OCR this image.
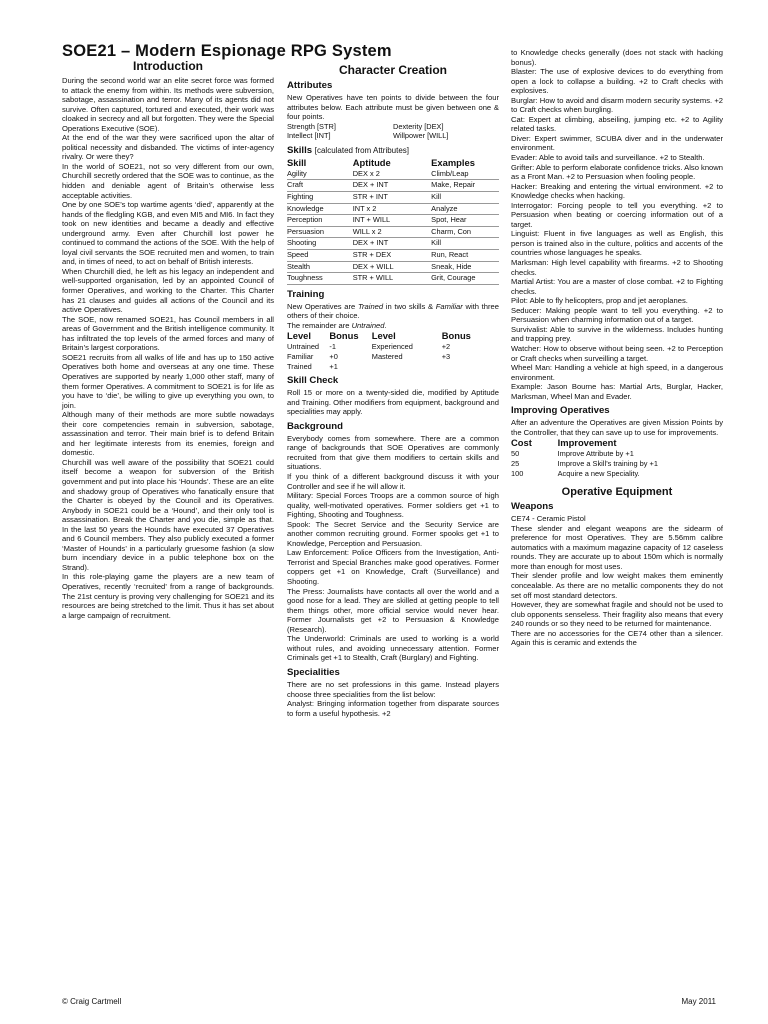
SOE21 – Modern Espionage RPG System
Introduction

During the second world war an elite secret force was formed to attack the enemy from within. Its methods were subversion, sabotage, assassination and terror. Many of its agents did not survive. Often captured, tortured and executed, their work was cloaked in secrecy and all but forgotten. They were the Special Operations Executive (SOE).

At the end of the war they were sacrificed upon the altar of political necessity and disbanded. The victims of inter-agency rivalry. Or were they?

In the world of SOE21, not so very different from our own, Churchill secretly ordered that the SOE was to continue, as the hidden and deniable agent of Britain’s otherwise less acceptable activities.

One by one SOE’s top wartime agents ‘died’, apparently at the hands of the fledgling KGB, and even MI5 and MI6. In fact they took on new identities and became a deadly and effective underground army. Even after Churchill lost power he continued to command the actions of the SOE. With the help of loyal civil servants the SOE recruited men and women, to train and, in times of need, to act on behalf of British interests.

When Churchill died, he left as his legacy an independent and well-supported organisation, led by an appointed Council of former Operatives, and working to the Charter. This Charter has 21 clauses and guides all actions of the Council and its active Operatives.

The SOE, now renamed SOE21, has Council members in all areas of Government and the British intelligence community. It has infiltrated the top levels of the armed forces and many of Britain’s largest corporations.

SOE21 recruits from all walks of life and has up to 150 active Operatives both home and overseas at any one time. These Operatives are supported by nearly 1,000 other staff, many of them former Operatives. A commitment to SOE21 is for life as you have to ‘die’, be willing to give up everything you own, to join.

Although many of their methods are more subtle nowadays their core competencies remain in subversion, sabotage, assassination and terror. Their main brief is to defend Britain and her legitimate interests from its enemies, foreign and domestic.

Churchill was well aware of the possibility that SOE21 could itself become a weapon for subversion of the British government and put into place his ‘Hounds’. These are an elite and shadowy group of Operatives who fanatically ensure that the Charter is obeyed by the Council and its Operatives. Anybody in SOE21 could be a ‘Hound’, and their only tool is assassination. Break the Charter and you die, simple as that. In the last 50 years the Hounds have executed 37 Operatives and 6 Council members. They also publicly executed a former ‘Master of Hounds’ in a particularly gruesome fashion (a slow burn incendiary device in a public telephone box on the Strand).

In this role-playing game the players are a new team of Operatives, recently ‘recruited’ from a range of backgrounds. The 21st century is proving very challenging for SOE21 and its resources are being stretched to the limit. Thus it has set about a large campaign of recruitment.

Character Creation
Attributes

New Operatives have ten points to divide between the four attributes below. Each attribute must be given between one & four points.

Strength [STR]	Dexterity [DEX]
Intellect [INT]	Willpower [WILL]
Skills [calculated from Attributes]
Skill	Aptitude	Examples
Agility	DEX x 2	Climb/Leap
Craft	DEX + INT	Make, Repair
Fighting	STR + INT	Kill
Knowledge	INT x 2	Analyze
Perception	INT + WILL	Spot, Hear
Persuasion	WILL x 2	Charm, Con
Shooting	DEX + INT	Kill
Speed	STR + DEX	Run, React
Stealth	DEX + WILL	Sneak, Hide
Toughness	STR + WILL	Grit, Courage
Training

New Operatives are Trained in two skills & Familiar with three others of their choice.

The remainder are Untrained.

Level	Bonus	Level	Bonus
Untrained	-1	Experienced	+2
Familiar	+0	Mastered	+3
Trained	+1		
Skill Check

Roll 15 or more on a twenty-sided die, modified by Aptitude and Training. Other modifiers from equipment, background and specialities may apply.

Background

Everybody comes from somewhere. There are a common range of backgrounds that SOE Operatives are commonly recruited from that give them modifiers to certain skills and situations.

If you think of a different background discuss it with your Controller and see if he will allow it.

Military: Special Forces Troops are a common source of high quality, well-motivated operatives. Former soldiers get +1 to Fighting, Shooting and Toughness.

Spook: The Secret Service and the Security Service are another common recruiting ground. Former spooks get +1 to Knowledge, Perception and Persuasion.

Law Enforcement: Police Officers from the Investigation, Anti-Terrorist and Special Branches make good operatives. Former coppers get +1 on Knowledge, Craft (Surveillance) and Shooting.

The Press: Journalists have contacts all over the world and a good nose for a lead. They are skilled at getting people to tell them things other, more official service would never hear. Former Journalists get +2 to Persuasion & Knowledge (Research).

The Underworld: Criminals are used to working is a world without rules, and avoiding unnecessary attention. Former Criminals get +1 to Stealth, Craft (Burglary) and Fighting.

Specialities

There are no set professions in this game. Instead players choose three specialities from the list below:

Analyst: Bringing information together from disparate sources to form a useful hypothesis. +2

to Knowledge checks generally (does not stack with hacking bonus).

Blaster: The use of explosive devices to do everything from open a lock to collapse a building. +2 to Craft checks with explosives.

Burglar: How to avoid and disarm modern security systems. +2 to Craft checks when burgling.

Cat: Expert at climbing, abseiling, jumping etc. +2 to Agility related tasks.

Diver: Expert swimmer, SCUBA diver and in the underwater environment.

Evader: Able to avoid tails and surveillance. +2 to Stealth.

Grifter: Able to perform elaborate confidence tricks. Also known as a Front Man. +2 to Persuasion when fooling people.

Hacker: Breaking and entering the virtual environment. +2 to Knowledge checks when hacking.

Interrogator: Forcing people to tell you everything. +2 to Persuasion when beating or coercing information out of a target.

Linguist: Fluent in five languages as well as English, this person is trained also in the culture, politics and accents of the countries whose languages he speaks.

Marksman: High level capability with firearms. +2 to Shooting checks.

Martial Artist: You are a master of close combat. +2 to Fighting checks.

Pilot: Able to fly helicopters, prop and jet aeroplanes.

Seducer: Making people want to tell you everything. +2 to Persuasion when charming information out of a target.

Survivalist: Able to survive in the wilderness. Includes hunting and trapping prey.

Watcher: How to observe without being seen. +2 to Perception or Craft checks when surveilling a target.

Wheel Man: Handling a vehicle at high speed, in a dangerous environment.

Example: Jason Bourne has: Martial Arts, Burglar, Hacker, Marksman, Wheel Man and Evader.

Improving Operatives

After an adventure the Operatives are given Mission Points by the Controller, that they can save up to use for improvements.

Cost	Improvement
50	Improve Attribute by +1
25	Improve a Skill’s training by +1
100	Acquire a new Speciality.
Operative Equipment
Weapons
CE74 - Ceramic Pistol

These slender and elegant weapons are the sidearm of preference for most Operatives. They are 5.56mm calibre automatics with a maximum magazine capacity of 12 caseless rounds. They are accurate up to about 150m which is normally more than enough for most uses.

Their slender profile and low weight makes them eminently concealable. As there are no metallic components they do not set off most standard detectors.

However, they are somewhat fragile and should not be used to club opponents senseless. Their fragility also means that every 240 rounds or so they need to be returned for maintenance.

There are no accessories for the CE74 other than a silencer. Again this is ceramic and extends the

© Craig Cartmell	May 2011
